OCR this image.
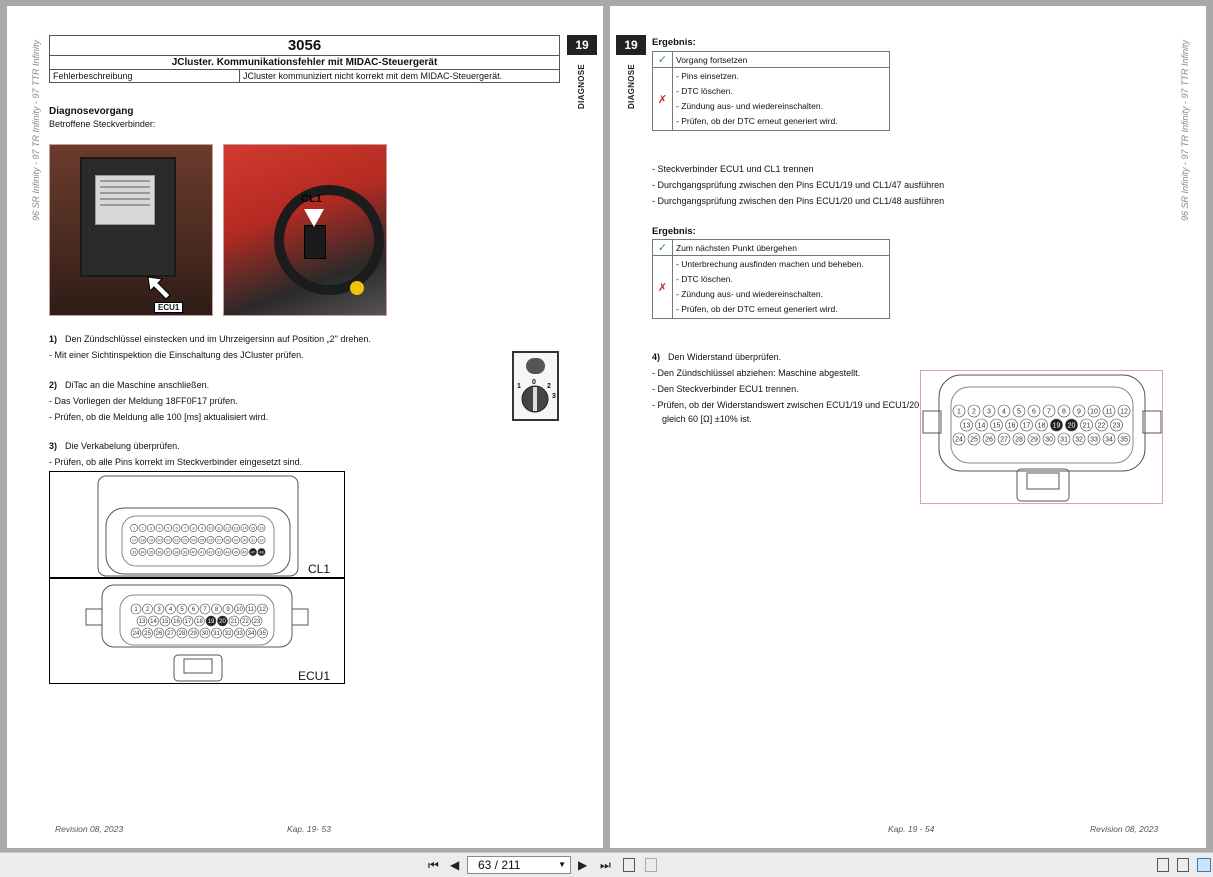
96 SR Infinity - 97 TR Infinity - 97 TTR Infinity	19
DIAGNOSE
3056
JCluster. Kommunikationsfehler mit MIDAC-Steuergerät
Fehlerbeschreibung	JCluster kommuniziert nicht korrekt mit dem MIDAC-Steuergerät.
Diagnosevorgang
Betroffene Steckverbinder:
ECU1
CL1
1) Den Zündschlüssel einstecken und im Uhrzeigersinn auf Position „2" drehen.
- Mit einer Sichtinspektion die Einschaltung des JCluster prüfen.
2) DiTac an die Maschine anschließen.
- Das Vorliegen der Meldung 18FF0F17 prüfen.
- Prüfen, ob die Meldung alle 100 [ms] aktualisiert wird.
3) Die Verkabelung überprüfen.
- Prüfen, ob alle Pins korrekt im Steckverbinder eingesetzt sind.
1
0
2
3
1 2 3 4 5 6 7 8 9 10 11 12 13 14 15 16
17 18 19 20 21 22 23 24 25 26 27 28 29 30 31 32
33 34 35 36 37 38 39 40 41 42 43 44 45 46 47 48
CL1
1 2 3 4 5 6 7 8 9 10 11 12
13 14 15 16 17 18 19 20 21 22 23
24 25 26 27 28 29 30 31 32 33 34 35
ECU1
Revision 08, 2023	Kap. 19- 53
19
DIAGNOSE	96 SR Infinity - 97 TR Infinity - 97 TTR Infinity
Ergebnis:
✓	Vorgang fortsetzen
✗	- Pins einsetzen.
- DTC löschen.
- Zündung aus- und wiedereinschalten.
- Prüfen, ob der DTC erneut generiert wird.
- Steckverbinder ECU1 und CL1 trennen
- Durchgangsprüfung zwischen den Pins ECU1/19 und CL1/47 ausführen
- Durchgangsprüfung zwischen den Pins ECU1/20 und CL1/48 ausführen
Ergebnis:
✓	Zum nächsten Punkt übergehen
✗	- Unterbrechung ausfinden machen und beheben.
- DTC löschen.
- Zündung aus- und wiedereinschalten.
- Prüfen, ob der DTC erneut generiert wird.
4) Den Widerstand überprüfen.
- Den Zündschlüssel abziehen: Maschine abgestellt.
- Den Steckverbinder ECU1 trennen.
- Prüfen, ob der Widerstandswert zwischen ECU1/19 und ECU1/20
gleich 60 [Ω] ±10% ist.
1 2 3 4 5 6 7 8 9 10 11 12
13 14 15 16 17 18 19 20 21 22 23
24 25 26 27 28 29 30 31 32 33 34 35
Kap. 19 - 54	Revision 08, 2023
⏮ ◀	63 / 211	▼ ▶ ⏭
